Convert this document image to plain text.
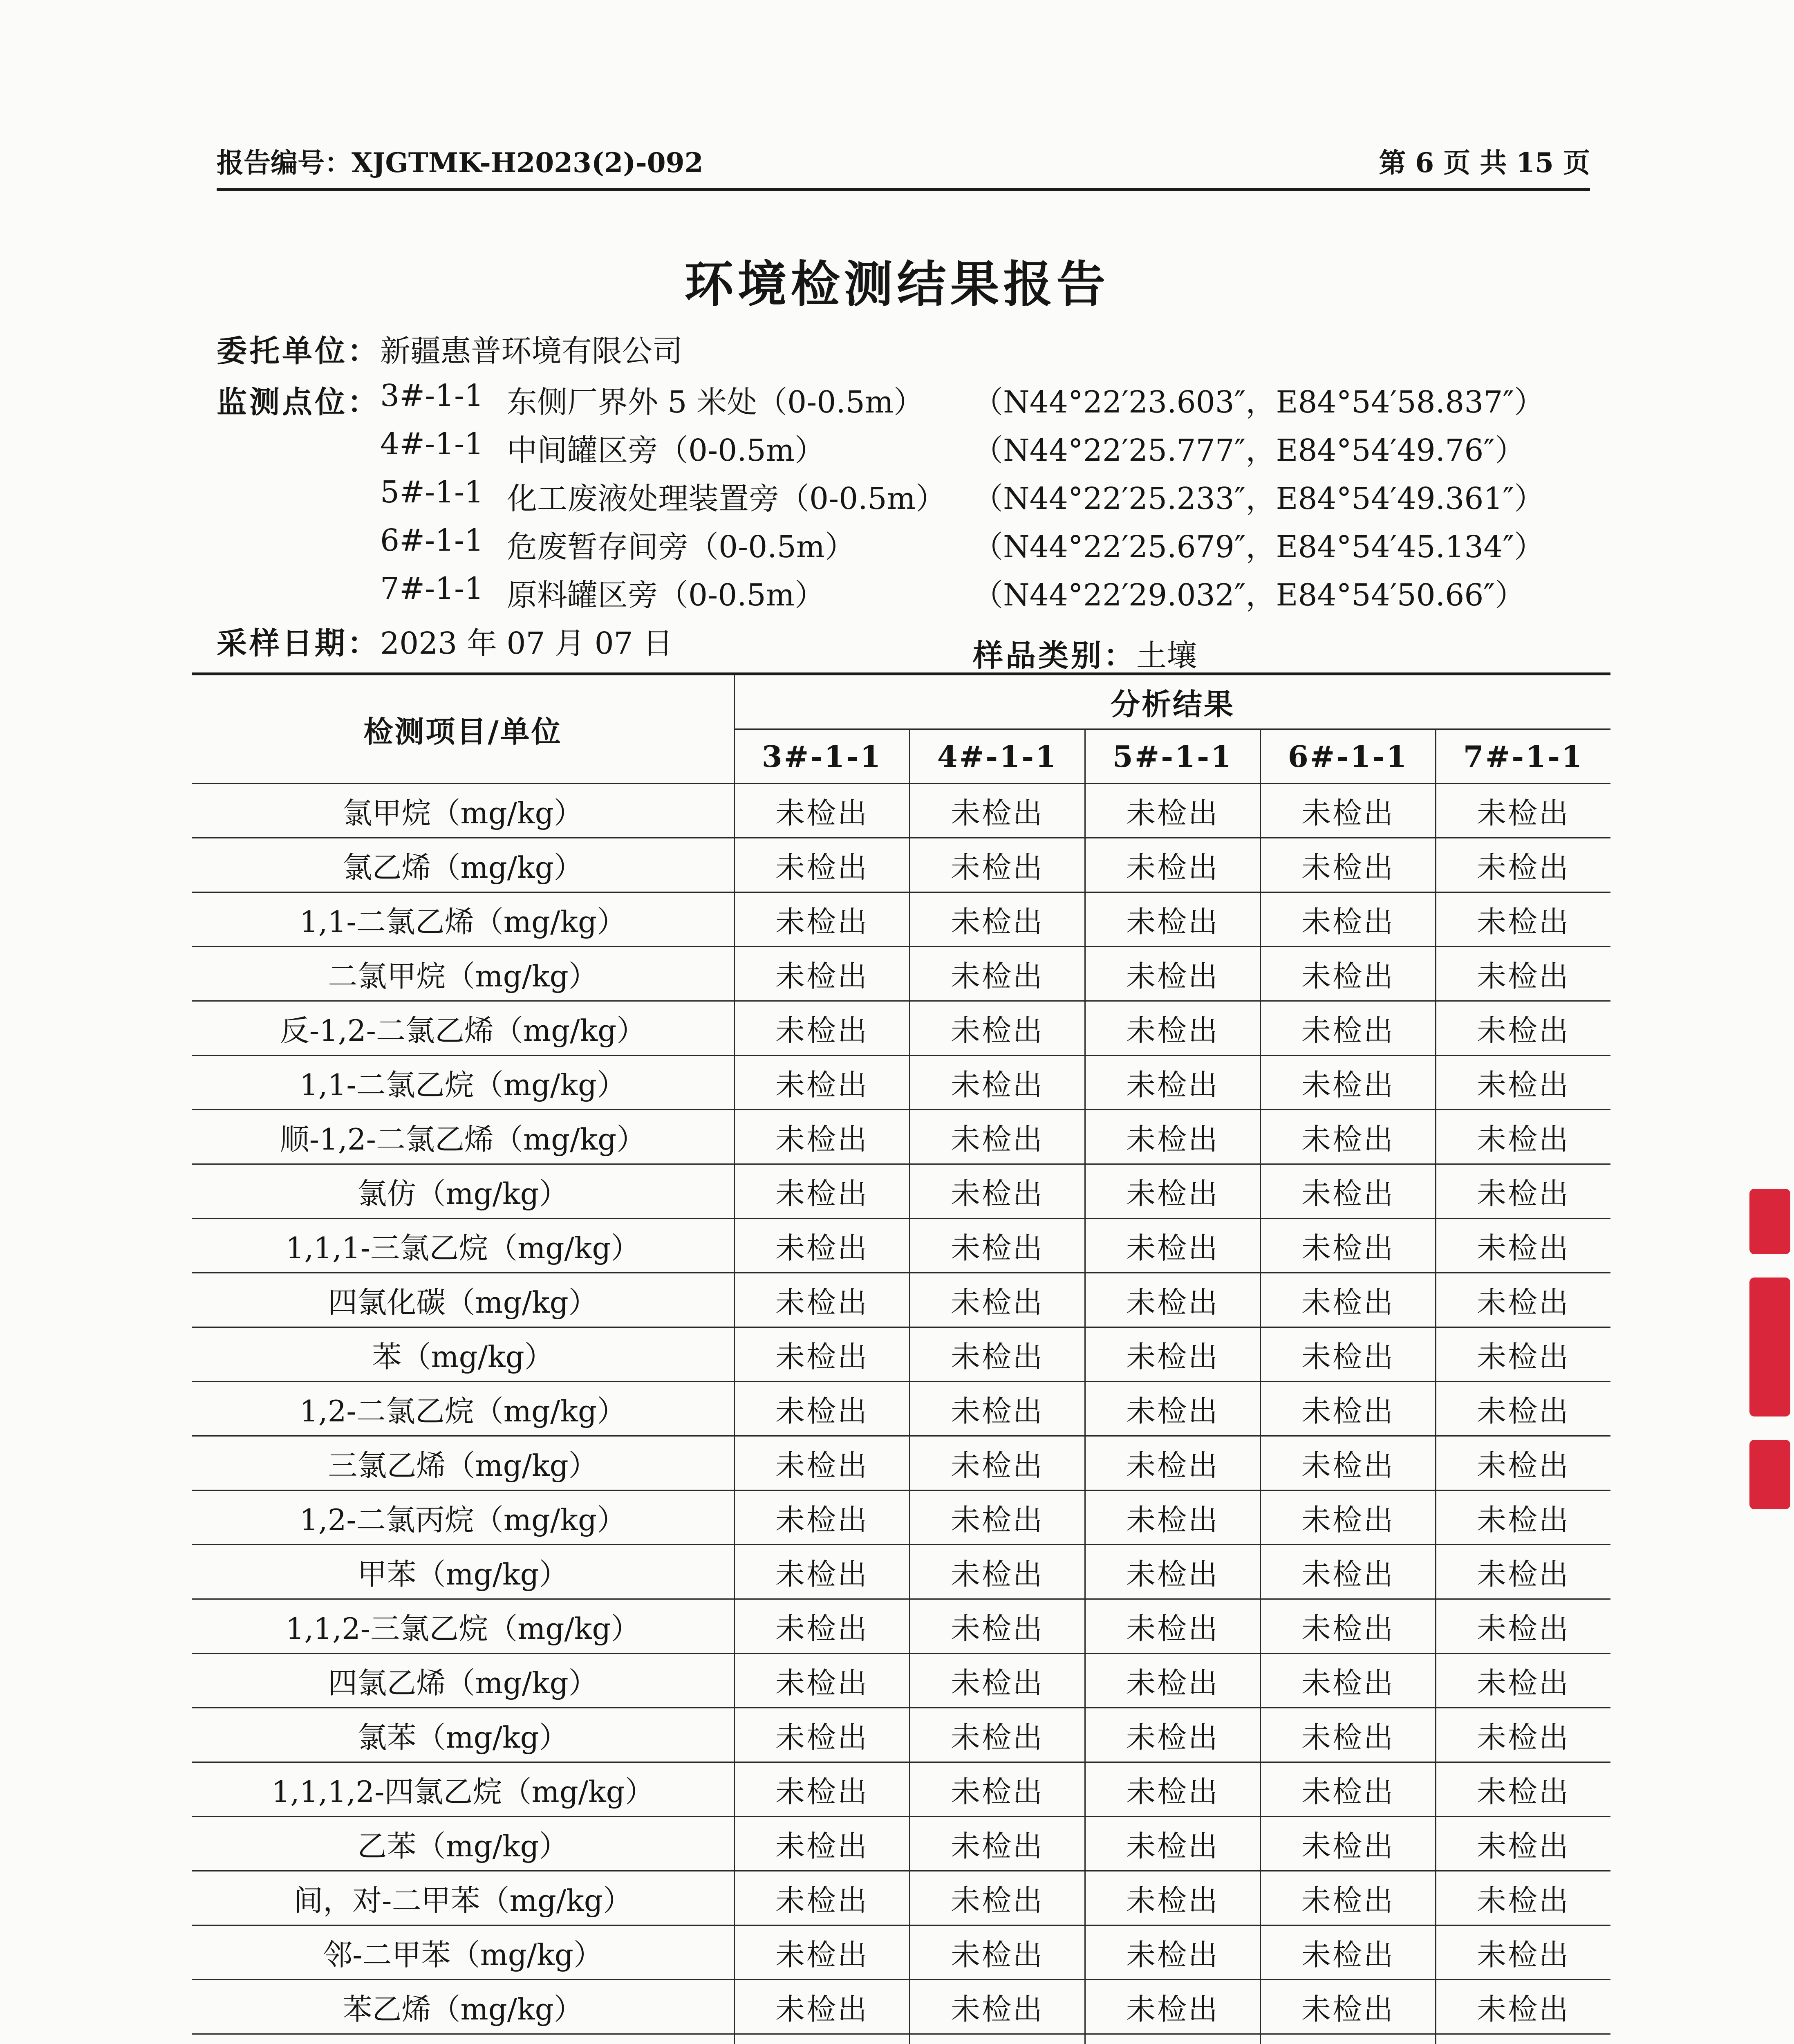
报告编号：XJGTMK-H2023(2)-092	第 6 页 共 15 页
环境检测结果报告
委托单位：新疆惠普环境有限公司
监测点位： 3#-1-1 东侧厂界外 5 米处（0-0.5m） （N44°22′23.603″，E84°54′58.837″）
4#-1-1 中间罐区旁（0-0.5m）	（N44°22′25.777″，E84°54′49.76″）
5#-1-1 化工废液处理装置旁（0-0.5m） （N44°22′25.233″，E84°54′49.361″）
6#-1-1 危废暂存间旁（0-0.5m）	（N44°22′25.679″，E84°54′45.134″）
7#-1-1 原料罐区旁（0-0.5m）	（N44°22′29.032″，E84°54′50.66″）
采样日期：2023 年 07 月 07 日	样品类别：土壤
检测项目/单位
分析结果
3#-1-1	4#-1-1	5#-1-1	6#-1-1	7#-1-1
氯甲烷（mg/kg）	未检出	未检出	未检出	未检出	未检出
氯乙烯（mg/kg）	未检出	未检出	未检出	未检出	未检出
1,1-二氯乙烯（mg/kg）	未检出	未检出	未检出	未检出	未检出
二氯甲烷（mg/kg）	未检出	未检出	未检出	未检出	未检出
反-1,2-二氯乙烯（mg/kg）	未检出	未检出	未检出	未检出	未检出
1,1-二氯乙烷（mg/kg）	未检出	未检出	未检出	未检出	未检出
顺-1,2-二氯乙烯（mg/kg）	未检出	未检出	未检出	未检出	未检出
氯仿（mg/kg）	未检出	未检出	未检出	未检出	未检出
1,1,1-三氯乙烷（mg/kg）	未检出	未检出	未检出	未检出	未检出
四氯化碳（mg/kg）	未检出	未检出	未检出	未检出	未检出
苯（mg/kg）	未检出	未检出	未检出	未检出	未检出
1,2-二氯乙烷（mg/kg）	未检出	未检出	未检出	未检出	未检出
三氯乙烯（mg/kg）	未检出	未检出	未检出	未检出	未检出
1,2-二氯丙烷（mg/kg）	未检出	未检出	未检出	未检出	未检出
甲苯（mg/kg）	未检出	未检出	未检出	未检出	未检出
1,1,2-三氯乙烷（mg/kg）	未检出	未检出	未检出	未检出	未检出
四氯乙烯（mg/kg）	未检出	未检出	未检出	未检出	未检出
氯苯（mg/kg）	未检出	未检出	未检出	未检出	未检出
1,1,1,2-四氯乙烷（mg/kg）	未检出	未检出	未检出	未检出	未检出
乙苯（mg/kg）	未检出	未检出	未检出	未检出	未检出
间，对-二甲苯（mg/kg）	未检出	未检出	未检出	未检出	未检出
邻-二甲苯（mg/kg）	未检出	未检出	未检出	未检出	未检出
苯乙烯（mg/kg）	未检出	未检出	未检出	未检出	未检出
